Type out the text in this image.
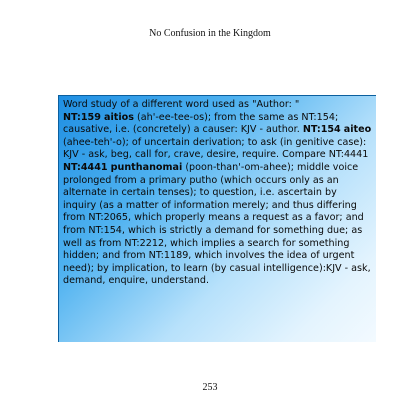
No Confusion in the Kingdom

Word study of a different word used as "Author: "
NT:159 aitios (ah'-ee-tee-os); from the same as NT:154; causative, i.e. (concretely) a causer: KJV - author. NT:154 aiteo (ahee-teh'-o); of uncertain derivation; to ask (in genitive case): KJV - ask, beg, call for, crave, desire, require. Compare NT:4441 NT:4441 punthanomai (poon-than'-om-ahee); middle voice prolonged from a primary putho (which occurs only as an alternate in certain tenses); to question, i.e. ascertain by inquiry (as a matter of information merely; and thus differing from NT:2065, which properly means a request as a favor; and from NT:154, which is strictly a demand for something due; as well as from NT:2212, which implies a search for something hidden; and from NT:1189, which involves the idea of urgent need); by implication, to learn (by casual intelligence):KJV - ask, demand, enquire, understand.

253
